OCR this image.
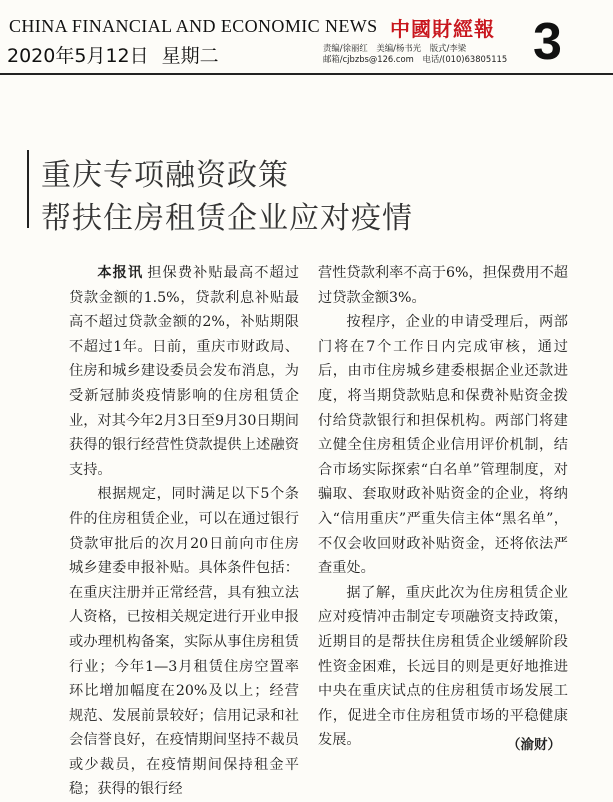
CHINA FINANCIAL AND ECONOMIC NEWS 中國財經報
2020年5月12日 星期二	责编/徐丽红 美编/杨书光 版式/李梁
邮箱/cjbzbs@126.com 电话/(010)63805115 3
重庆专项融资政策
帮扶住房租赁企业应对疫情

本报讯 担保费补贴最高不超过贷款金额的1.5%，贷款利息补贴最高不超过贷款金额的2%，补贴期限不超过1年。日前，重庆市财政局、住房和城乡建设委员会发布消息，为受新冠肺炎疫情影响的住房租赁企业，对其今年2月3日至9月30日期间获得的银行经营性贷款提供上述融资支持。

根据规定，同时满足以下5个条件的住房租赁企业，可以在通过银行贷款审批后的次月20日前向市住房城乡建委申报补贴。具体条件包括：在重庆注册并正常经营，具有独立法人资格，已按相关规定进行开业申报或办理机构备案，实际从事住房租赁行业；今年1—3月租赁住房空置率环比增加幅度在20%及以上；经营规范、发展前景较好；信用记录和社会信誉良好，在疫情期间坚持不裁员或少裁员，在疫情期间保持租金平稳；获得的银行经

营性贷款利率不高于6%，担保费用不超过贷款金额3%。

按程序，企业的申请受理后，两部门将在7个工作日内完成审核，通过后，由市住房城乡建委根据企业还款进度，将当期贷款贴息和保费补贴资金拨付给贷款银行和担保机构。两部门将建立健全住房租赁企业信用评价机制，结合市场实际探索“白名单”管理制度，对骗取、套取财政补贴资金的企业，将纳入“信用重庆”严重失信主体“黑名单”，不仅会收回财政补贴资金，还将依法严查重处。

据了解，重庆此次为住房租赁企业应对疫情冲击制定专项融资支持政策，近期目的是帮扶住房租赁企业缓解阶段性资金困难，长远目的则是更好地推进中央在重庆试点的住房租赁市场发展工作，促进全市住房租赁市场的平稳健康发展。	（渝财）
